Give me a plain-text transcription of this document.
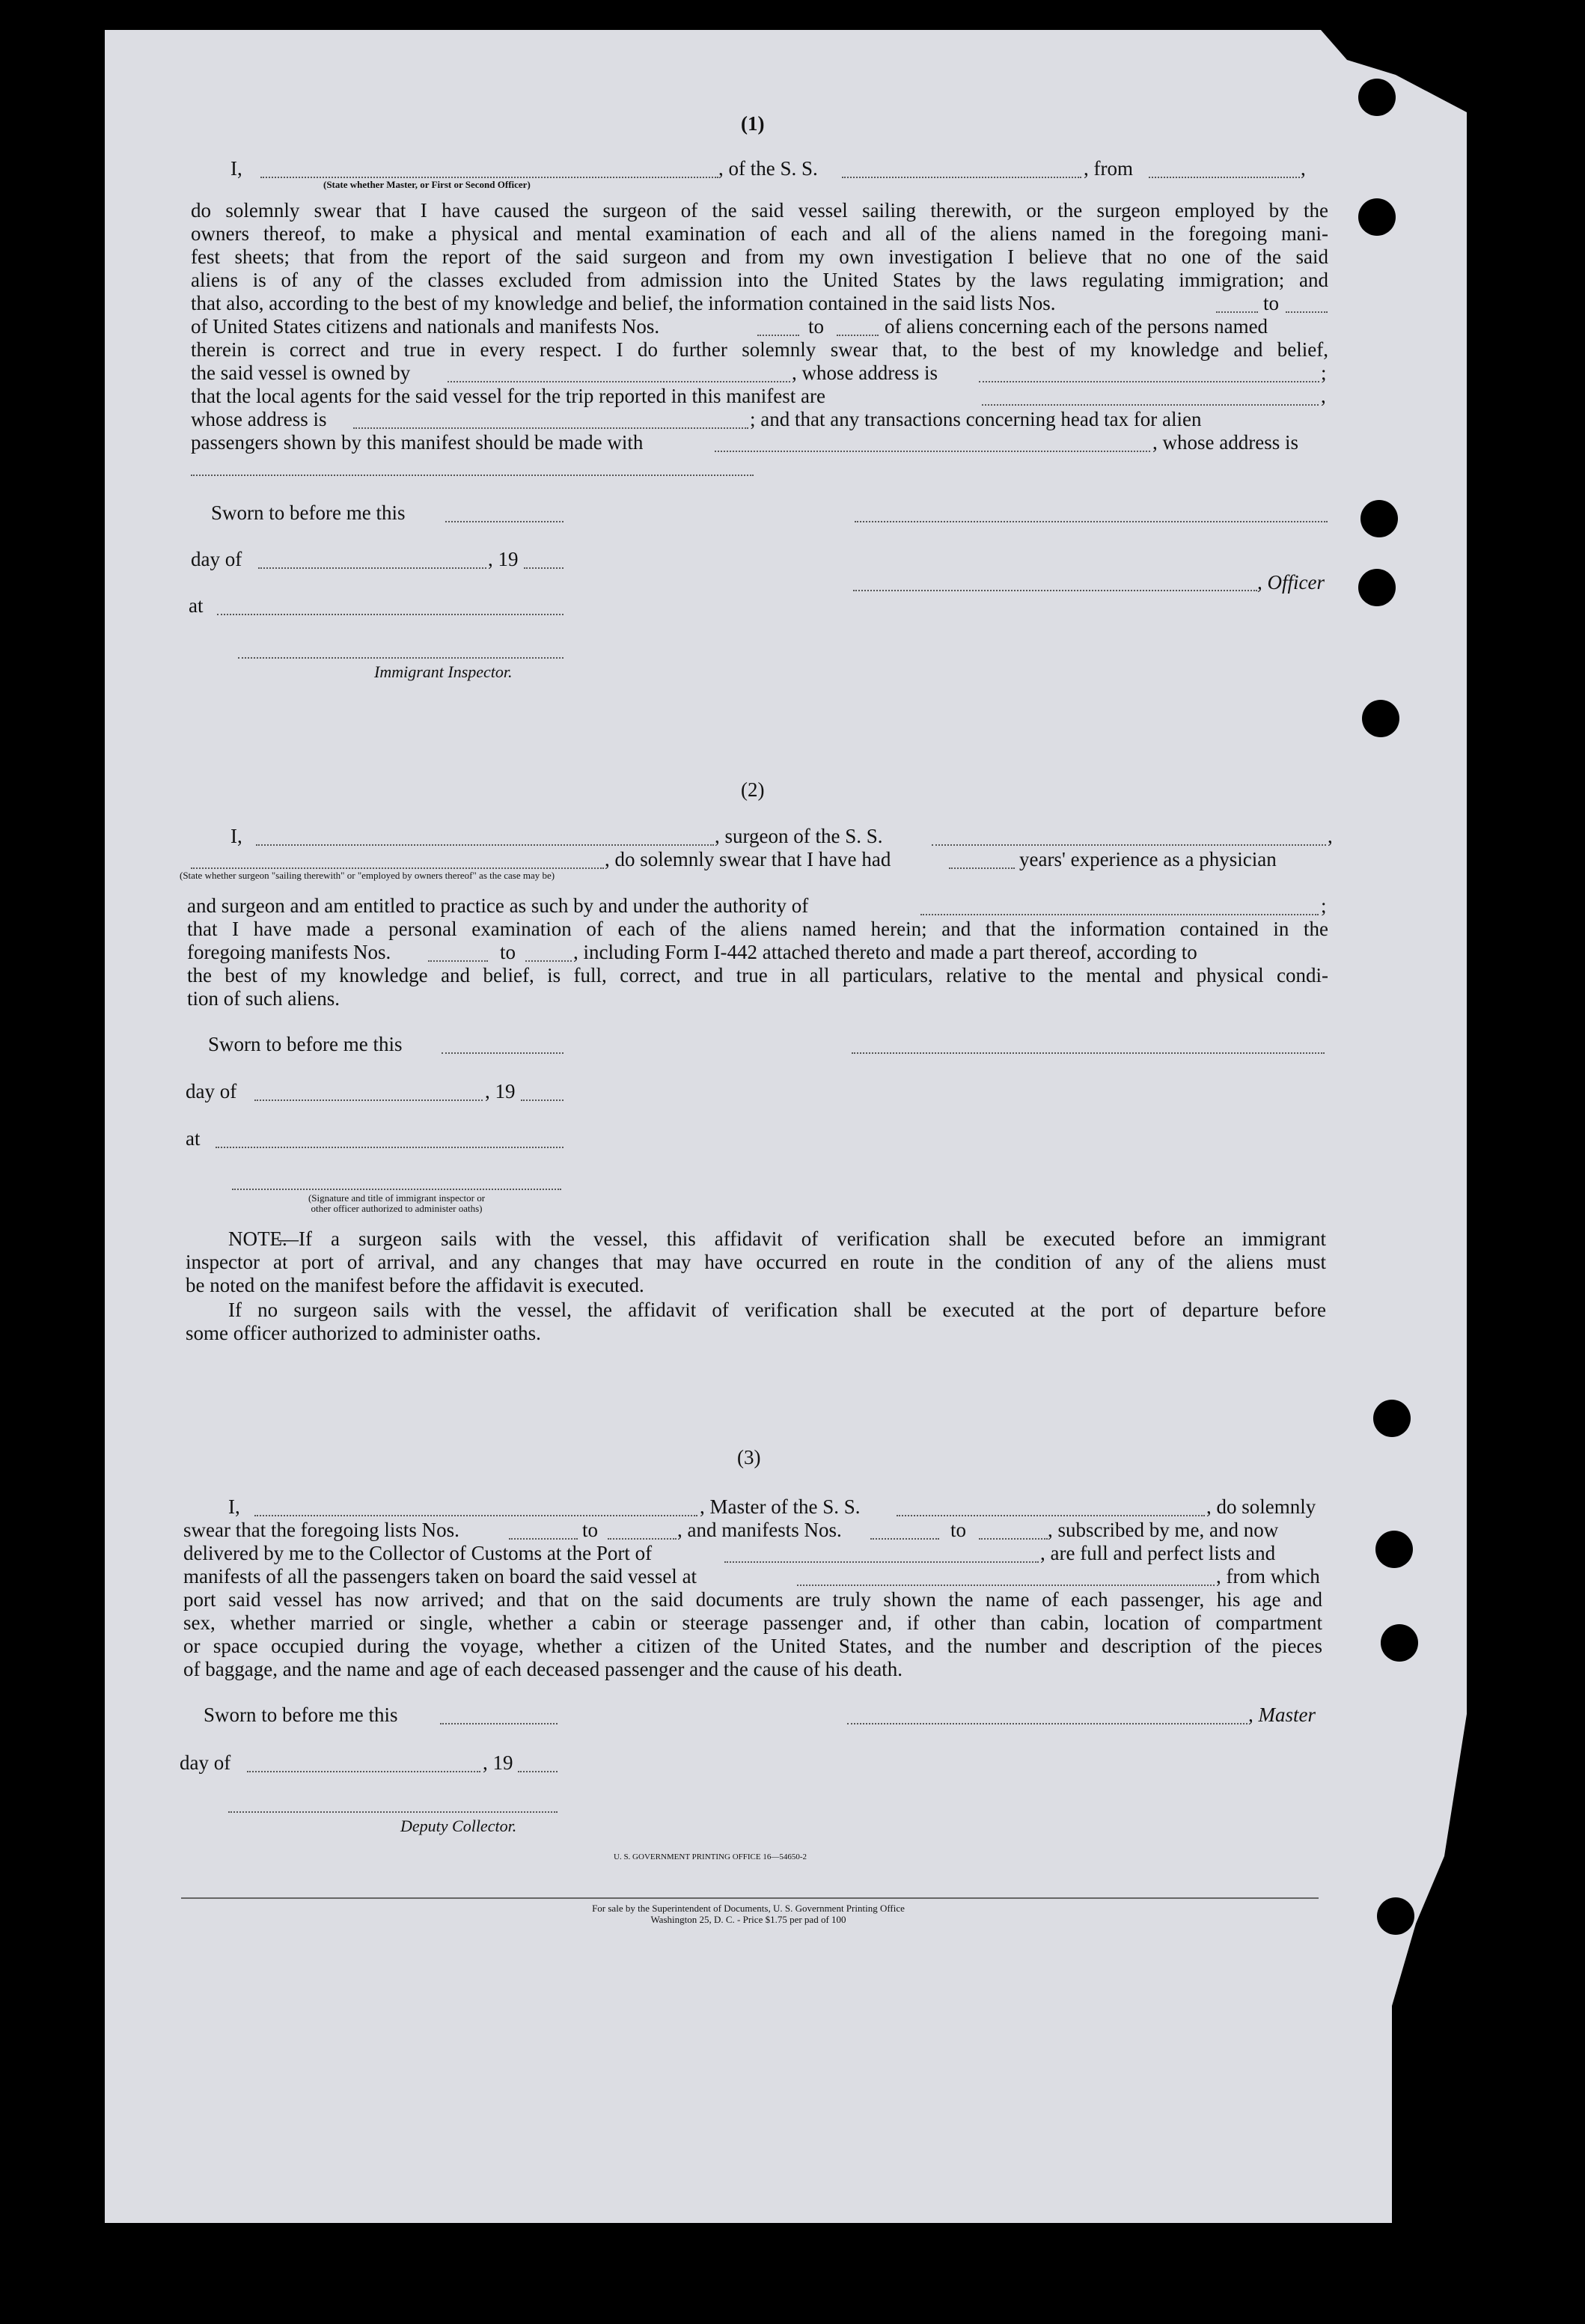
(1)
I,	, of the S. S.	, from	,
(State whether Master, or First or Second Officer)
do solemnly swear that I have caused the surgeon of the said vessel sailing therewith, or the surgeon employed by the
owners thereof, to make a physical and mental examination of each and all of the aliens named in the foregoing mani-
fest sheets; that from the report of the said surgeon and from my own investigation I believe that no one of the said
aliens is of any of the classes excluded from admission into the United States by the laws regulating immigration; and
that also, according to the best of my knowledge and belief, the information contained in the said lists Nos.	to
of United States citizens and nationals and manifests Nos.	to	of aliens concerning each of the persons named
therein is correct and true in every respect. I do further solemnly swear that, to the best of my knowledge and belief,
the said vessel is owned by	, whose address is	;
that the local agents for the said vessel for the trip reported in this manifest are	,
whose address is	; and that any transactions concerning head tax for alien
passengers shown by this manifest should be made with	, whose address is
Sworn to before me this
day of	, 19
, Officer
at
Immigrant Inspector.
(2)
I,	, surgeon of the S. S.	,
, do solemnly swear that I have had	years' experience as a physician
(State whether surgeon "sailing therewith" or "employed by owners thereof" as the case may be)
and surgeon and am entitled to practice as such by and under the authority of	;
that I have made a personal examination of each of the aliens named herein; and that the information contained in the
foregoing manifests Nos.	to	, including Form I-442 attached thereto and made a part thereof, according to
the best of my knowledge and belief, is full, correct, and true in all particulars, relative to the mental and physical condi-
tion of such aliens.
Sworn to before me this
day of	, 19
at
(Signature and title of immigrant inspector or
other officer authorized to administer oaths)
NOTE.
—If a surgeon sails with the vessel, this affidavit of verification shall be executed before an immigrant
inspector at port of arrival, and any changes that may have occurred en route in the condition of any of the aliens must
be noted on the manifest before the affidavit is executed.
If no surgeon sails with the vessel, the affidavit of verification shall be executed at the port of departure before
some officer authorized to administer oaths.
(3)
I,	, Master of the S. S.	, do solemnly
swear that the foregoing lists Nos.	to	, and manifests Nos.	to	, subscribed by me, and now
delivered by me to the Collector of Customs at the Port of	, are full and perfect lists and
manifests of all the passengers taken on board the said vessel at	, from which
port said vessel has now arrived; and that on the said documents are truly shown the name of each passenger, his age and
sex, whether married or single, whether a cabin or steerage passenger and, if other than cabin, location of compartment
or space occupied during the voyage, whether a citizen of the United States, and the number and description of the pieces
of baggage, and the name and age of each deceased passenger and the cause of his death.
Sworn to before me this	, Master
day of	, 19
Deputy Collector.
U. S. GOVERNMENT PRINTING OFFICE 16—54650-2
For sale by the Superintendent of Documents, U. S. Government Printing Office
Washington 25, D. C. - Price $1.75 per pad of 100
